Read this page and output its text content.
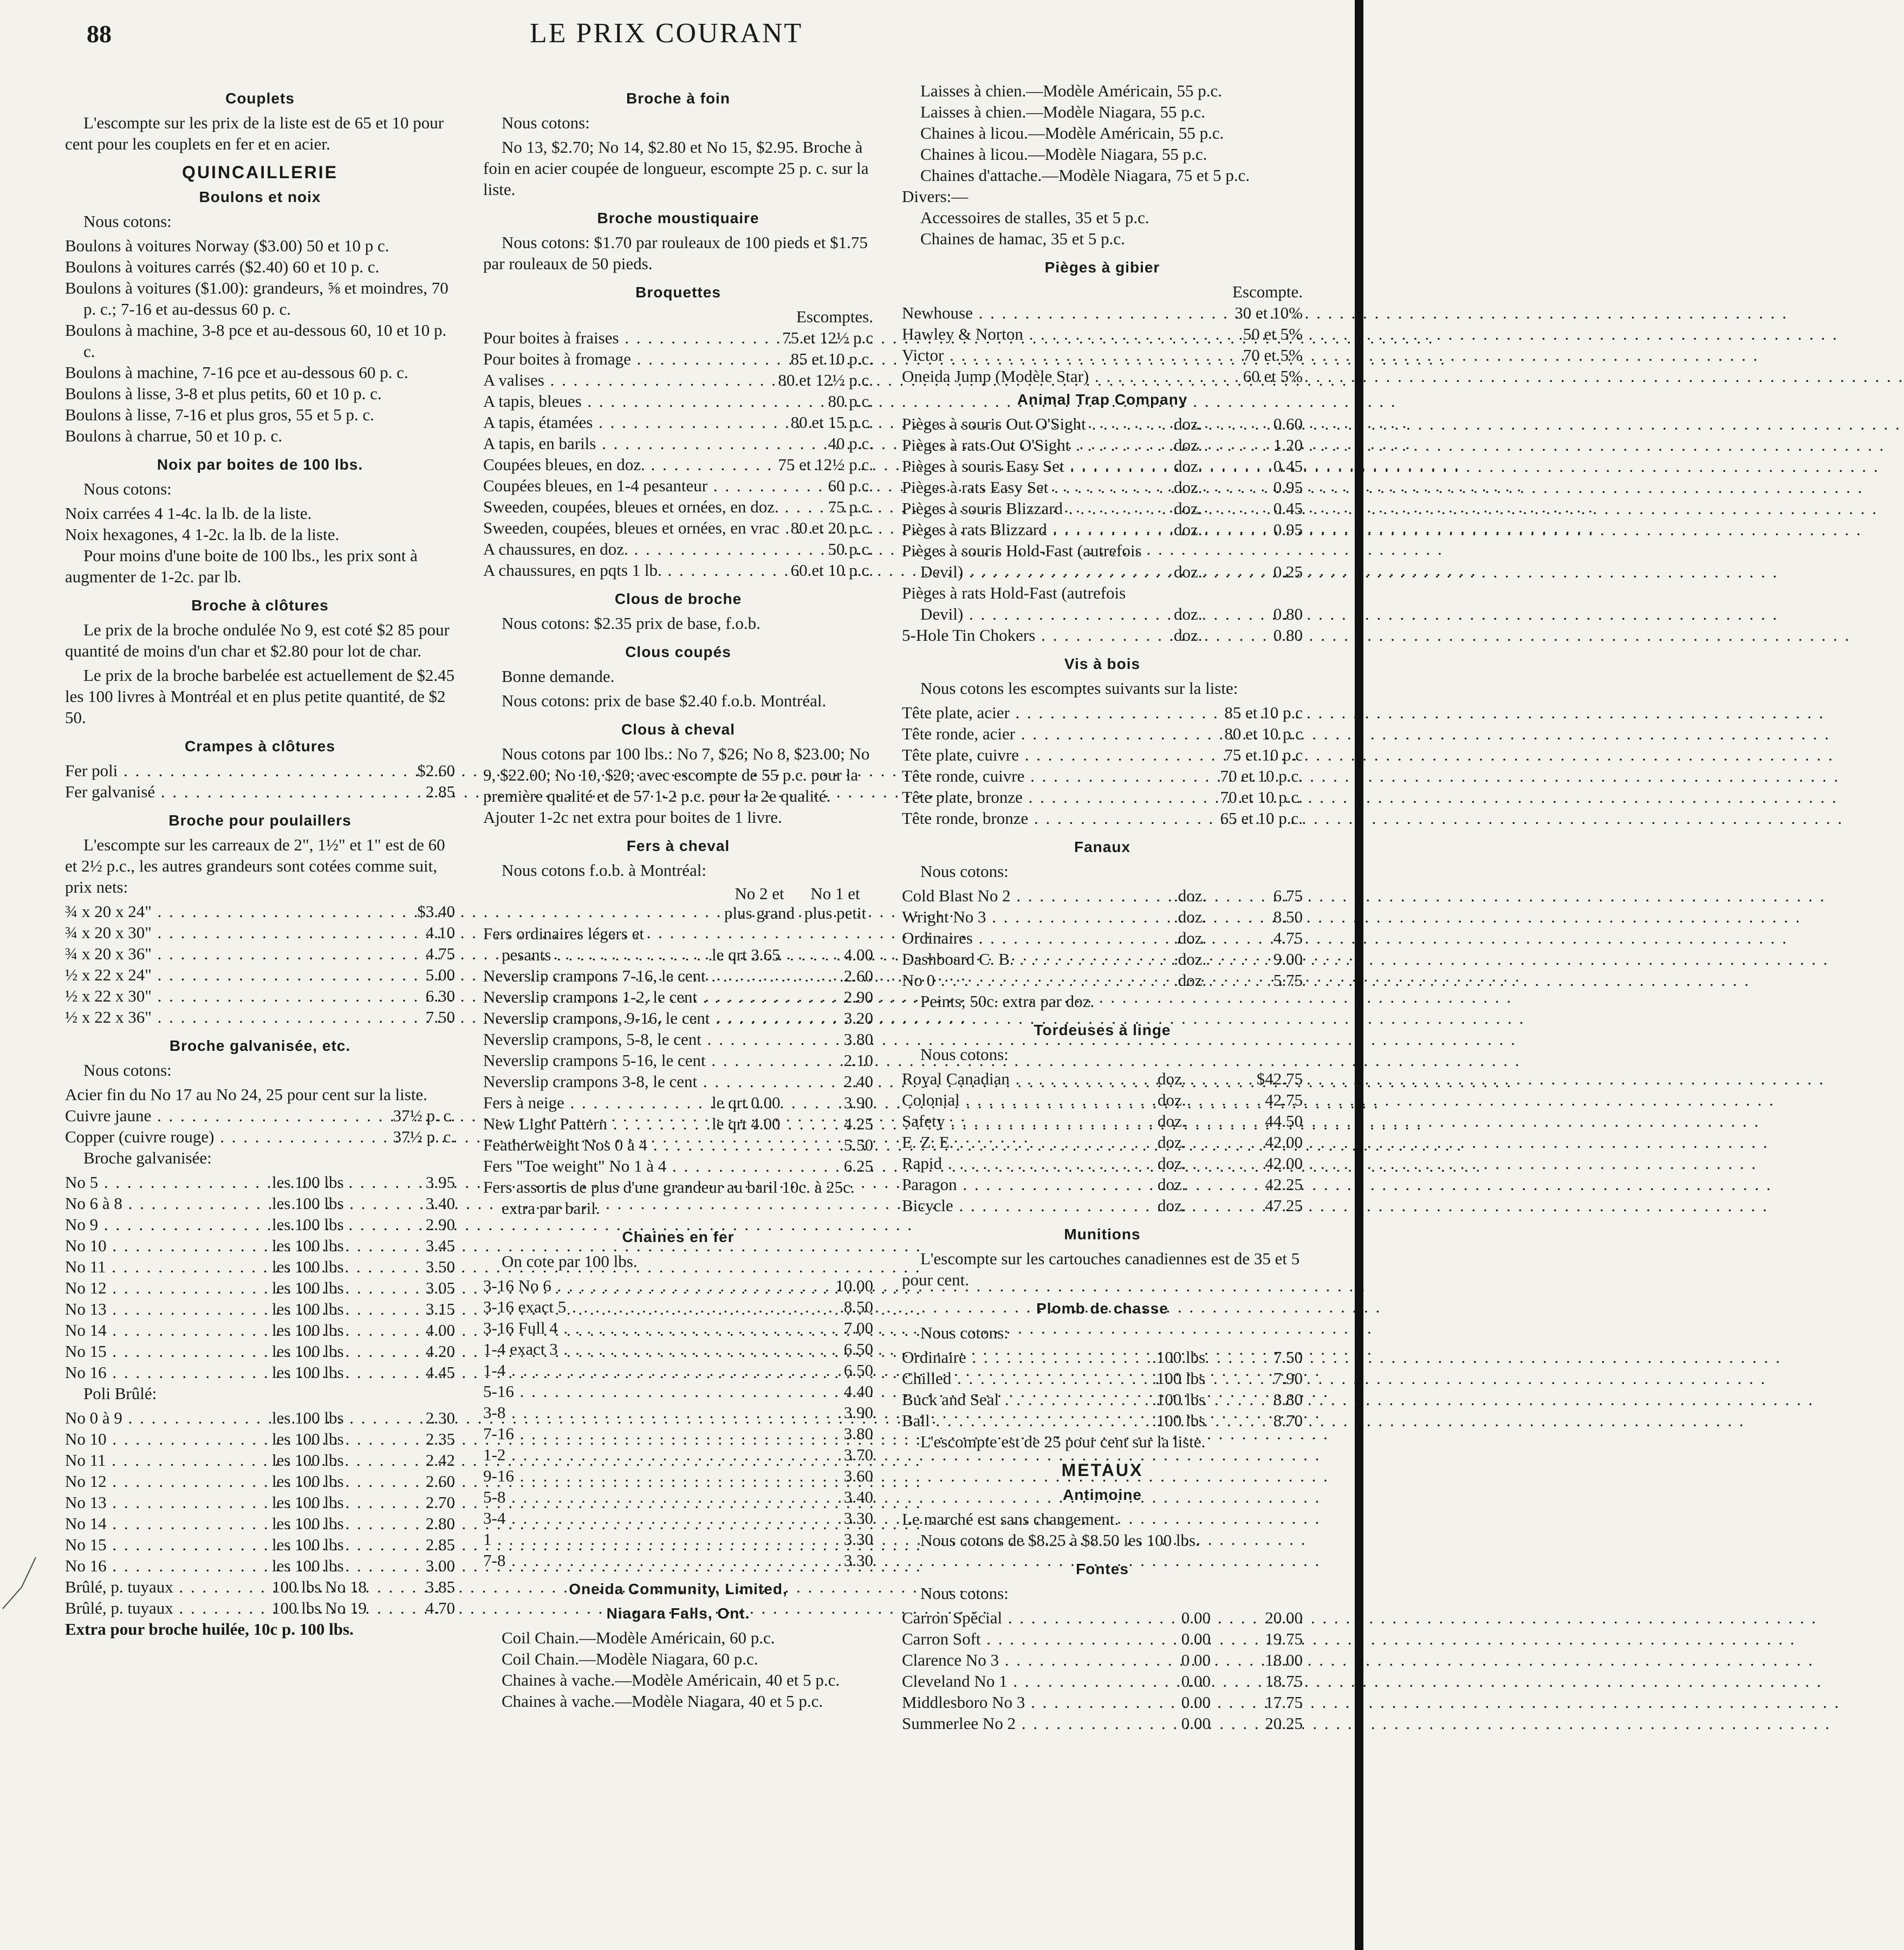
88	LE PRIX COURANT
Couplets

L'escompte sur les prix de la liste est de 65 et 10 pour cent pour les couplets en fer et en acier.

QUINCAILLERIE
Boulons et noix

Nous cotons:

Boulons à voitures Norway ($3.00) 50 et 10 p c.

Boulons à voitures carrés ($2.40) 60 et 10 p. c.

Boulons à voitures ($1.00): grandeurs, ⅝ et moindres, 70 p. c.; 7-16 et au-dessus 60 p. c.

Boulons à machine, 3-8 pce et au-dessous 60, 10 et 10 p. c.

Boulons à machine, 7-16 pce et au-dessous 60 p. c.

Boulons à lisse, 3-8 et plus petits, 60 et 10 p. c.

Boulons à lisse, 7-16 et plus gros, 55 et 5 p. c.

Boulons à charrue, 50 et 10 p. c.

Noix par boites de 100 lbs.

Nous cotons:

Noix carrées 4 1-4c. la lb. de la liste.

Noix hexagones, 4 1-2c. la lb. de la liste.

Pour moins d'une boite de 100 lbs., les prix sont à augmenter de 1-2c. par lb.

Broche à clôtures

Le prix de la broche ondulée No 9, est coté $2 85 pour quantité de moins d'un char et $2.80 pour lot de char.

Le prix de la broche barbelée est actuellement de $2.45 les 100 livres à Montréal et en plus petite quantité, de $2 50.

Crampes à clôtures
Fer poli . . .	$2.60
Fer galvanisé . . .	2.85
Broche pour poulaillers

L'escompte sur les carreaux de 2", 1½" et 1" est de 60 et 2½ p.c., les autres grandeurs sont cotées comme suit, prix nets:

¾ x 20 x 24" . . .	$3.40
¾ x 20 x 30" . . .	4.10
¾ x 20 x 36" . . .	4.75
½ x 22 x 24" . . .	5.00
½ x 22 x 30" . . .	6.30
½ x 22 x 36" . . .	7.50
Broche galvanisée, etc.

Nous cotons:

Acier fin du No 17 au No 24, 25 pour cent sur la liste.

Cuivre jaune . . .	37½ p. c.
Copper (cuivre rouge) . . .	37½ p. c.

Broche galvanisée:

No 5 . . .	les 100 lbs	3.95
No 6 à 8 . . .	les 100 lbs	3.40
No 9 . . .	les 100 lbs	2.90
No 10 . . .	les 100 lbs	3.45
No 11 . . .	les 100 lbs	3.50
No 12 . . .	les 100 lbs	3.05
No 13 . . .	les 100 lbs	3.15
No 14 . . .	les 100 lbs	4.00
No 15 . . .	les 100 lbs	4.20
No 16 . . .	les 100 lbs	4.45

Poli Brûlé:

No 0 à 9 . . .	les 100 lbs	2.30
No 10 . . .	les 100 lbs	2.35
No 11 . . .	les 100 lbs	2.42
No 12 . . .	les 100 lbs	2.60
No 13 . . .	les 100 lbs	2.70
No 14 . . .	les 100 lbs	2.80
No 15 . . .	les 100 lbs	2.85
No 16 . . .	les 100 lbs	3.00
Brûlé, p. tuyaux . . .	100 lbs No 18	3.85
Brûlé, p. tuyaux . . .	100 lbs No 19	4.70

Extra pour broche huilée, 10c p. 100 lbs.

Broche à foin

Nous cotons:

No 13, $2.70; No 14, $2.80 et No 15, $2.95. Broche à foin en acier coupée de longueur, escompte 25 p. c. sur la liste.

Broche moustiquaire

Nous cotons: $1.70 par rouleaux de 100 pieds et $1.75 par rouleaux de 50 pieds.

Broquettes

Escomptes.

Pour boites à fraises . . .	75 et 12½ p.c
Pour boites à fromage . . .	85 et 10 p.c.
A valises . . .	80 et 12½ p.c.
A tapis, bleues . . .	80 p.c.
A tapis, étamées . . .	80 et 15 p.c.
A tapis, en barils . . .	40 p.c.
Coupées bleues, en doz. . . .	75 et 12½ p.c.
Coupées bleues, en 1-4 pesanteur . . .	60 p.c.
Sweeden, coupées, bleues et ornées, en doz. . . .	75 p.c.
Sweeden, coupées, bleues et ornées, en vrac . . . 80 et 20 p.c.
A chaussures, en doz. . . .	50 p.c.
A chaussures, en pqts 1 lb. . . .	60 et 10 p.c.
Clous de broche

Nous cotons: $2.35 prix de base, f.o.b.

Clous coupés

Bonne demande.

Nous cotons: prix de base $2.40 f.o.b. Montréal.

Clous à cheval

Nous cotons par 100 lbs.: No 7, $26; No 8, $23.00; No 9, $22.00; No 10, $20; avec escompte de 55 p.c. pour la première qualité et de 57 1-2 p.c. pour la 2e qualité. Ajouter 1-2c net extra pour boites de 1 livre.

Fers à cheval

Nous cotons f.o.b. à Montréal:

No 2 et plus grand
No 1 et plus petit

Fers ordinaires légers et

pesants . . .	le qrt 3.65	4.00
Neverslip crampons 7-16, le cent . . .	2.60
Neverslip crampons 1-2, le cent . . .	2.90
Neverslip crampons, 9-16, le cent . . .	3.20
Neverslip crampons, 5-8, le cent . . .	3.80
Neverslip crampons 5-16, le cent . . .	2.10
Neverslip crampons 3-8, le cent . . .	2.40
Fers à neige . . .	le qrt 0.00	3.90
New Light Pattern . . .	le qrt 4.00	4.25
Featherweight Nos 0 à 4 . . .	5.50
Fers "Toe weight" No 1 à 4 . . .	6.25

Fers assortis de plus d'une grandeur au baril 10c. à 25c. extra par baril.

Chaines en fer

On cote par 100 lbs.

3-16 No 6 . . .	10.00
3-16 exact 5 . . .	8.50
3-16 Full 4 . . .	7.00
1-4 exact 3 . . .	6.50
1-4 . . .	6.50
5-16 . . .	4.40
3-8 . . .	3.90
7-16 . . .	3.80
1-2 . . .	3.70
9-16 . . .	3.60
5-8 . . .	3.40
3-4 . . .	3.30
1 . . .	3.30
7-8 . . .	3.30
Oneida Community, Limited,
Niagara Falls, Ont.

Coil Chain.—Modèle Américain, 60 p.c.

Coil Chain.—Modèle Niagara, 60 p.c.

Chaines à vache.—Modèle Américain, 40 et 5 p.c.

Chaines à vache.—Modèle Niagara, 40 et 5 p.c.

Laisses à chien.—Modèle Américain, 55 p.c.

Laisses à chien.—Modèle Niagara, 55 p.c.

Chaines à licou.—Modèle Américain, 55 p.c.

Chaines à licou.—Modèle Niagara, 55 p.c.

Chaines d'attache.—Modèle Niagara, 75 et 5 p.c.

Divers:—

Accessoires de stalles, 35 et 5 p.c.

Chaines de hamac, 35 et 5 p.c.

Pièges à gibier

Escompte.

Newhouse . . .	30 et 10%
Hawley & Norton . . .	50 et 5%
Victor . . .	70 et 5%
Oneida Jump (Modèle Star) . . .	60 et 5%
Animal Trap Company
Pièges à souris Out O'Sight . . .	doz.	0.60
Pièges à rats Out O'Sight . . .	doz.	1.20
Pièges à souris Easy Set . . .	doz.	0.45
Pièges à rats Easy Set . . .	doz.	0.95
Pièges à souris Blizzard . . .	doz.	0.45
Pièges à rats Blizzard . . .	doz.	0.95

Pièges à souris Hold-Fast (autrefois

Devil) . . .	doz.	0.25

Pièges à rats Hold-Fast (autrefois

Devil) . . .	doz.	0.80
5-Hole Tin Chokers . . .	doz.	0.80
Vis à bois

Nous cotons les escomptes suivants sur la liste:

Tête plate, acier . . .	85 et 10 p.c
Tête ronde, acier . . .	80 et 10 p.c
Tête plate, cuivre . . .	75 et 10 p.c
Tête ronde, cuivre . . .	70 et 10 p.c.
Tête plate, bronze . . .	70 et 10 p.c.
Tête ronde, bronze . . .	65 et 10 p.c.
Fanaux

Nous cotons:

Cold Blast No 2 . . .	.doz.	6.75
Wright No 3 . . .	.doz.	8.50
Ordinaires . . .	.doz.	4.75
Dashboard C. B. . . .	.doz.	9.00
No 0 . . .	.doz.	5.75

Peints, 50c. extra par doz.

Tordeuses à linge

Nous cotons:

Royal Canadian . . .	doz.	$42.75
Colonial . . .	doz.	42.75
Safety . . .	doz.	44.50
E. Z. E. . . .	doz.	42.00
Rapid . . .	doz.	42.00
Paragon . . .	doz.	42.25
Bicycle . . .	doz.	47.25
Munitions

L'escompte sur les cartouches canadiennes est de 35 et 5 pour cent.

Plomb de chasse

Nous cotons:

Ordinaire . . .	.100 lbs	7.50
Chilled . . .	.100 lbs	7.90
Buck and Seal . . .	.100 lbs	8.80
Ball . . .	.100 lbs	8.70

L'escompte est de 25 pour cent sur la liste.

METAUX
Antimoine

Le marché est sans changement.

Nous cotons de $8.25 à $8.50 les 100 lbs.

Fontes

Nous cotons:

Carron Spécial . . .	0.00	20.00
Carron Soft . . .	0.00	19.75
Clarence No 3 . . .	0 00	18.00
Cleveland No 1 . . .	0.00	18.75
Middlesboro No 3 . . .	0.00	17.75
Summerlee No 2 . . .	0.00	20.25
